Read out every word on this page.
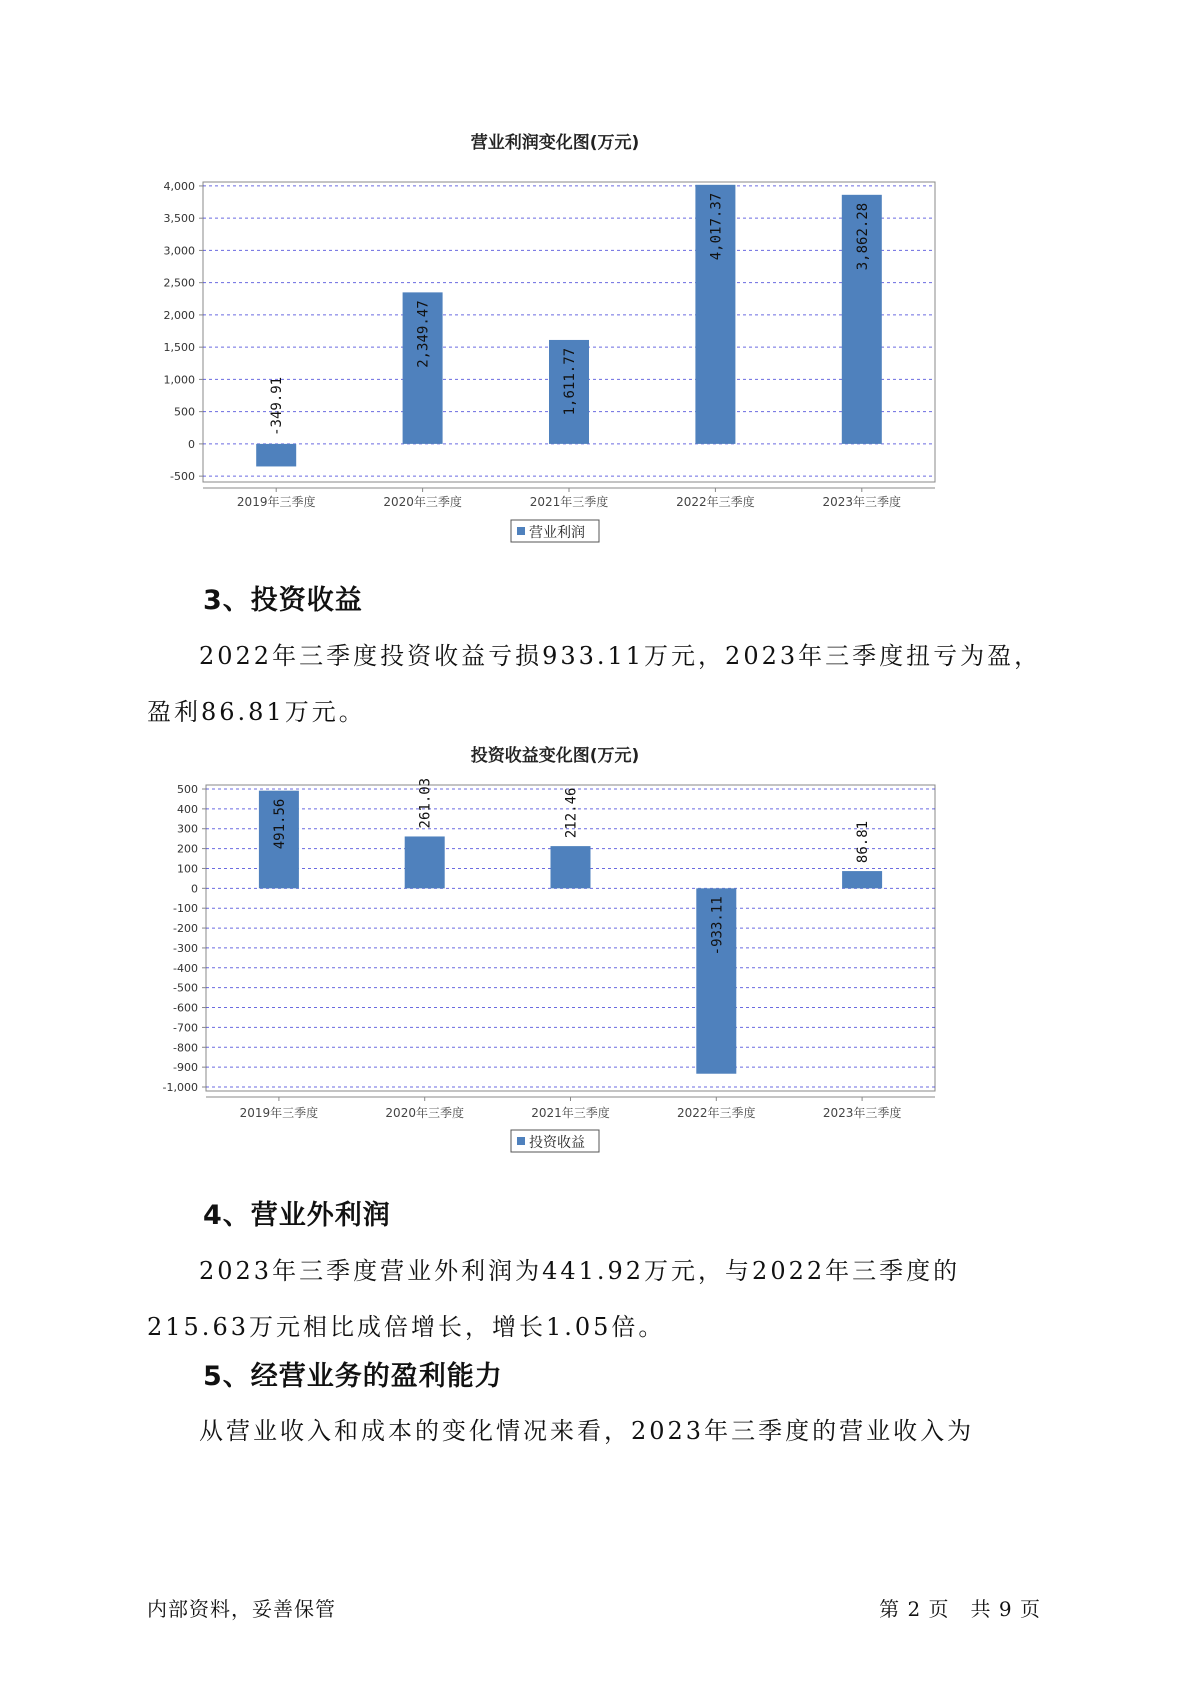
营业利润变化图(万元)
-500
0
500
1,000
1,500
2,000
2,500
3,000
3,500
4,000
-349.91
2019年三季度
2,349.47
2020年三季度
1,611.77
2021年三季度
4,017.37
2022年三季度
3,862.28
2023年三季度
营业利润
3、投资收益

2022年三季度投资收益亏损933.11万元，2023年三季度扭亏为盈，盈利86.81万元。

投资收益变化图(万元)
-1,000
-900
-800
-700
-600
-500
-400
-300
-200
-100
0
100
200
300
400
500
491.56
2019年三季度
261.03
2020年三季度
212.46
2021年三季度
-933.11
2022年三季度
86.81
2023年三季度
投资收益
4、营业外利润

2023年三季度营业外利润为441.92万元，与2022年三季度的215.63万元相比成倍增长，增长1.05倍。

5、经营业务的盈利能力

从营业收入和成本的变化情况来看，2023年三季度的营业收入为

内部资料，妥善保管	第 2 页　共 9 页
